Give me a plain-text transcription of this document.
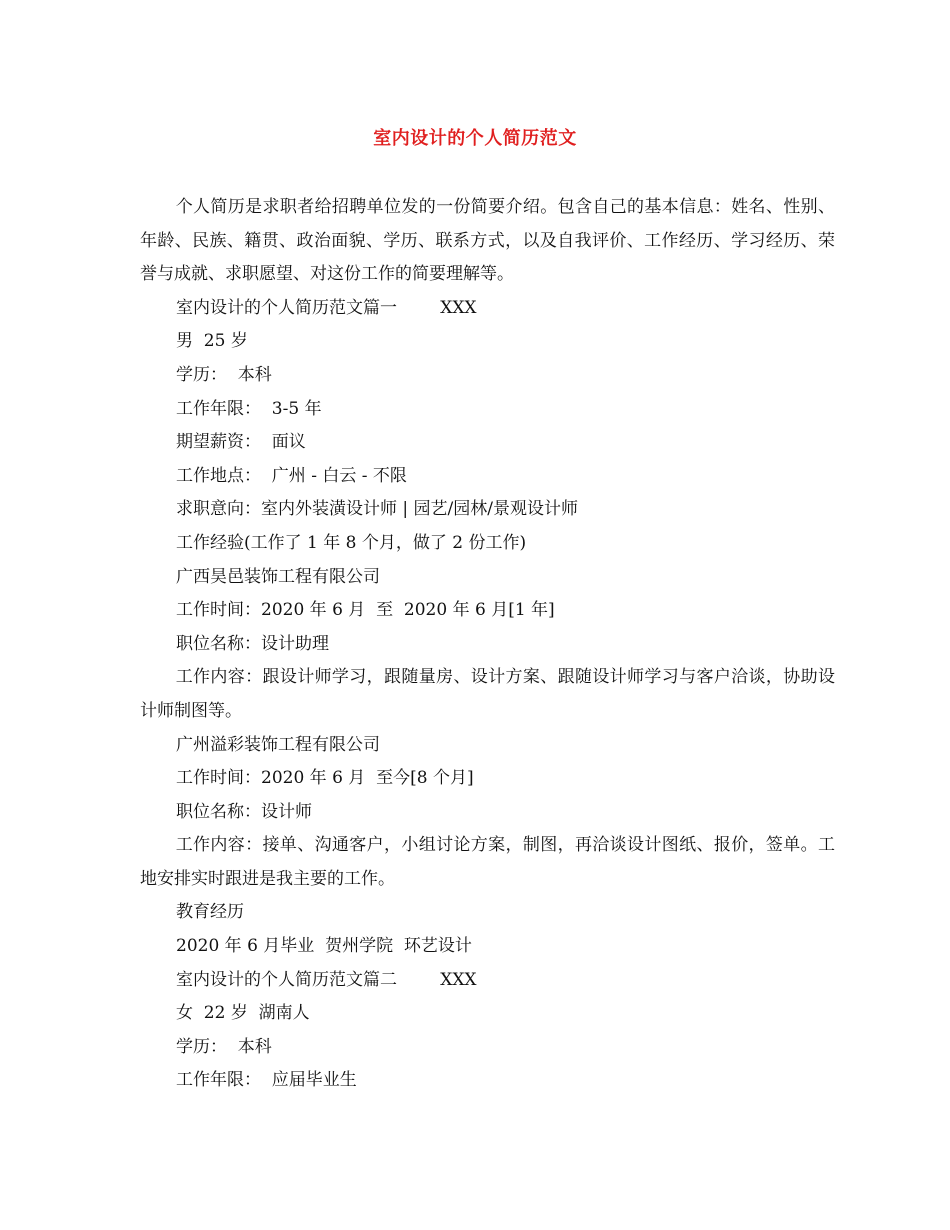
室内设计的个人简历范文

个人简历是求职者给招聘单位发的一份简要介绍。包含自己的基本信息：姓名、性别、年龄、民族、籍贯、政治面貌、学历、联系方式，以及自我评价、工作经历、学习经历、荣誉与成就、求职愿望、对这份工作的简要理解等。

室内设计的个人简历范文篇一        XXX

男  25 岁

学历：  本科

工作年限：  3-5 年

期望薪资：  面议

工作地点：  广州 - 白云 - 不限

求职意向：室内外装潢设计师 | 园艺/园林/景观设计师

工作经验(工作了 1 年 8 个月，做了 2 份工作)

广西昊邑装饰工程有限公司

工作时间：2020 年 6 月  至  2020 年 6 月[1 年]

职位名称：设计助理

工作内容：跟设计师学习，跟随量房、设计方案、跟随设计师学习与客户洽谈，协助设计师制图等。

广州溢彩装饰工程有限公司

工作时间：2020 年 6 月  至今[8 个月]

职位名称：设计师

工作内容：接单、沟通客户，小组讨论方案，制图，再洽谈设计图纸、报价，签单。工地安排实时跟进是我主要的工作。

教育经历

2020 年 6 月毕业  贺州学院  环艺设计

室内设计的个人简历范文篇二        XXX

女  22 岁  湖南人

学历：  本科

工作年限：  应届毕业生
